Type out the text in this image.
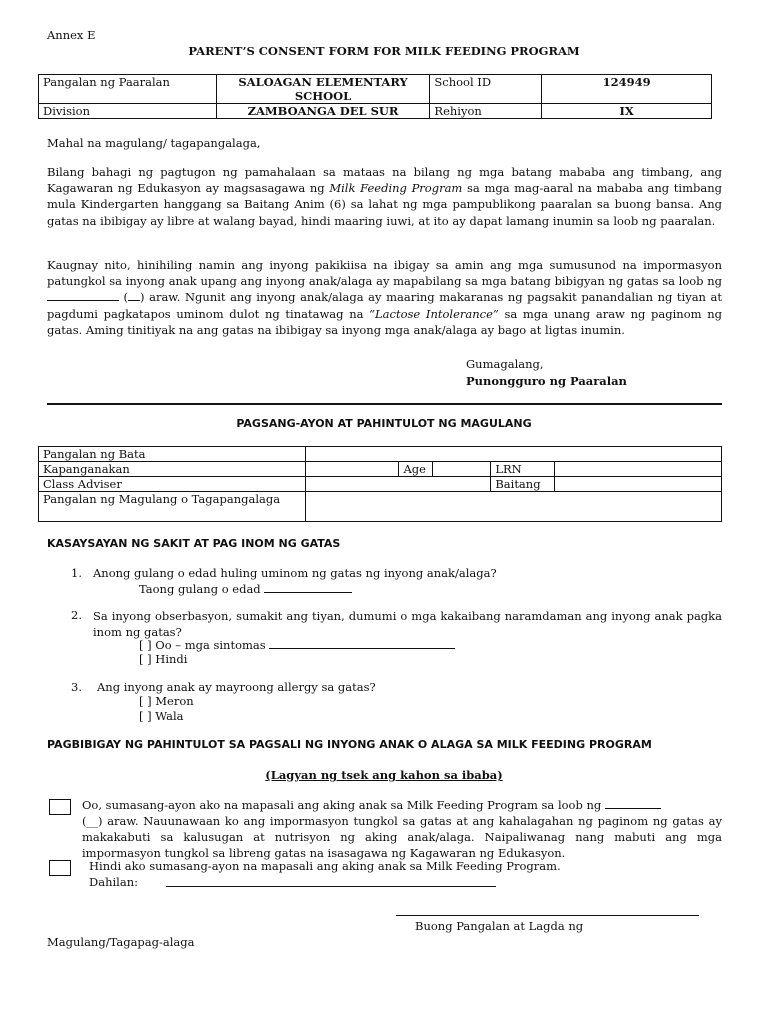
Annex E
PARENT’S CONSENT FORM FOR MILK FEEDING PROGRAM
Pangalan ng Paaralan	SALOAGAN ELEMENTARY SCHOOL	School ID	124949
Division	ZAMBOANGA DEL SUR	Rehiyon	IX
Mahal na magulang/ tagapangalaga,
Bilang bahagi ng pagtugon ng pamahalaan sa mataas na bilang ng mga batang mababa ang timbang, ang Kagawaran ng Edukasyon ay magsasagawa ng Milk Feeding Program sa mga mag-aaral na mababa ang timbang mula Kindergarten hanggang sa Baitang Anim (6) sa lahat ng mga pampublikong paaralan sa buong bansa. Ang gatas na ibibigay ay libre at walang bayad, hindi maaring iuwi, at ito ay dapat lamang inumin sa loob ng paaralan.
Kaugnay nito, hinihiling namin ang inyong pakikiisa na ibigay sa amin ang mga sumusunod na impormasyon patungkol sa inyong anak upang ang inyong anak/alaga ay mapabilang sa mga batang bibigyan ng gatas sa loob ng  ( ) araw. Ngunit ang inyong anak/alaga ay maaring makaranas ng pagsakit panandalian ng tiyan at pagdumi pagkatapos uminom dulot ng tinatawag na “Lactose Intolerance” sa mga unang araw ng paginom ng gatas. Aming tinitiyak na ang gatas na ibibigay sa inyong mga anak/alaga ay bago at ligtas inumin.
Gumagalang,
Punongguro ng Paaralan
PAGSANG-AYON AT PAHINTULOT NG MAGULANG
Pangalan ng Bata					
Kapanganakan		Age		LRN	
Class Adviser				Baitang	
Pangalan ng Magulang o Tagapangalaga					
KASAYSAYAN NG SAKIT AT PAG INOM NG GATAS
1. Anong gulang o edad huling uminom ng gatas ng inyong anak/alaga?
Taong gulang o edad
2. Sa inyong obserbasyon, sumakit ang tiyan, dumumi o mga kakaibang naramdaman ang inyong anak pagka inom ng gatas?
[ ] Oo – mga sintomas
[ ] Hindi
3. Ang inyong anak ay mayroong allergy sa gatas?
[ ] Meron
[ ] Wala
PAGBIBIGAY NG PAHINTULOT SA PAGSALI NG INYONG ANAK O ALAGA SA MILK FEEDING PROGRAM
(Lagyan ng tsek ang kahon sa ibaba)
Oo, sumasang-ayon ako na mapasali ang aking anak sa Milk Feeding Program sa loob ng
(__) araw. Nauunawaan ko ang impormasyon tungkol sa gatas at ang kahalagahan ng paginom ng gatas ay makakabuti sa kalusugan at nutrisyon ng aking anak/alaga. Naipaliwanag nang mabuti ang mga impormasyon tungkol sa libreng gatas na isasagawa ng Kagawaran ng Edukasyon.
Hindi ako sumasang-ayon na mapasali ang aking anak sa Milk Feeding Program.
Dahilan:
Buong Pangalan at Lagda ng
Magulang/Tagapag-alaga
